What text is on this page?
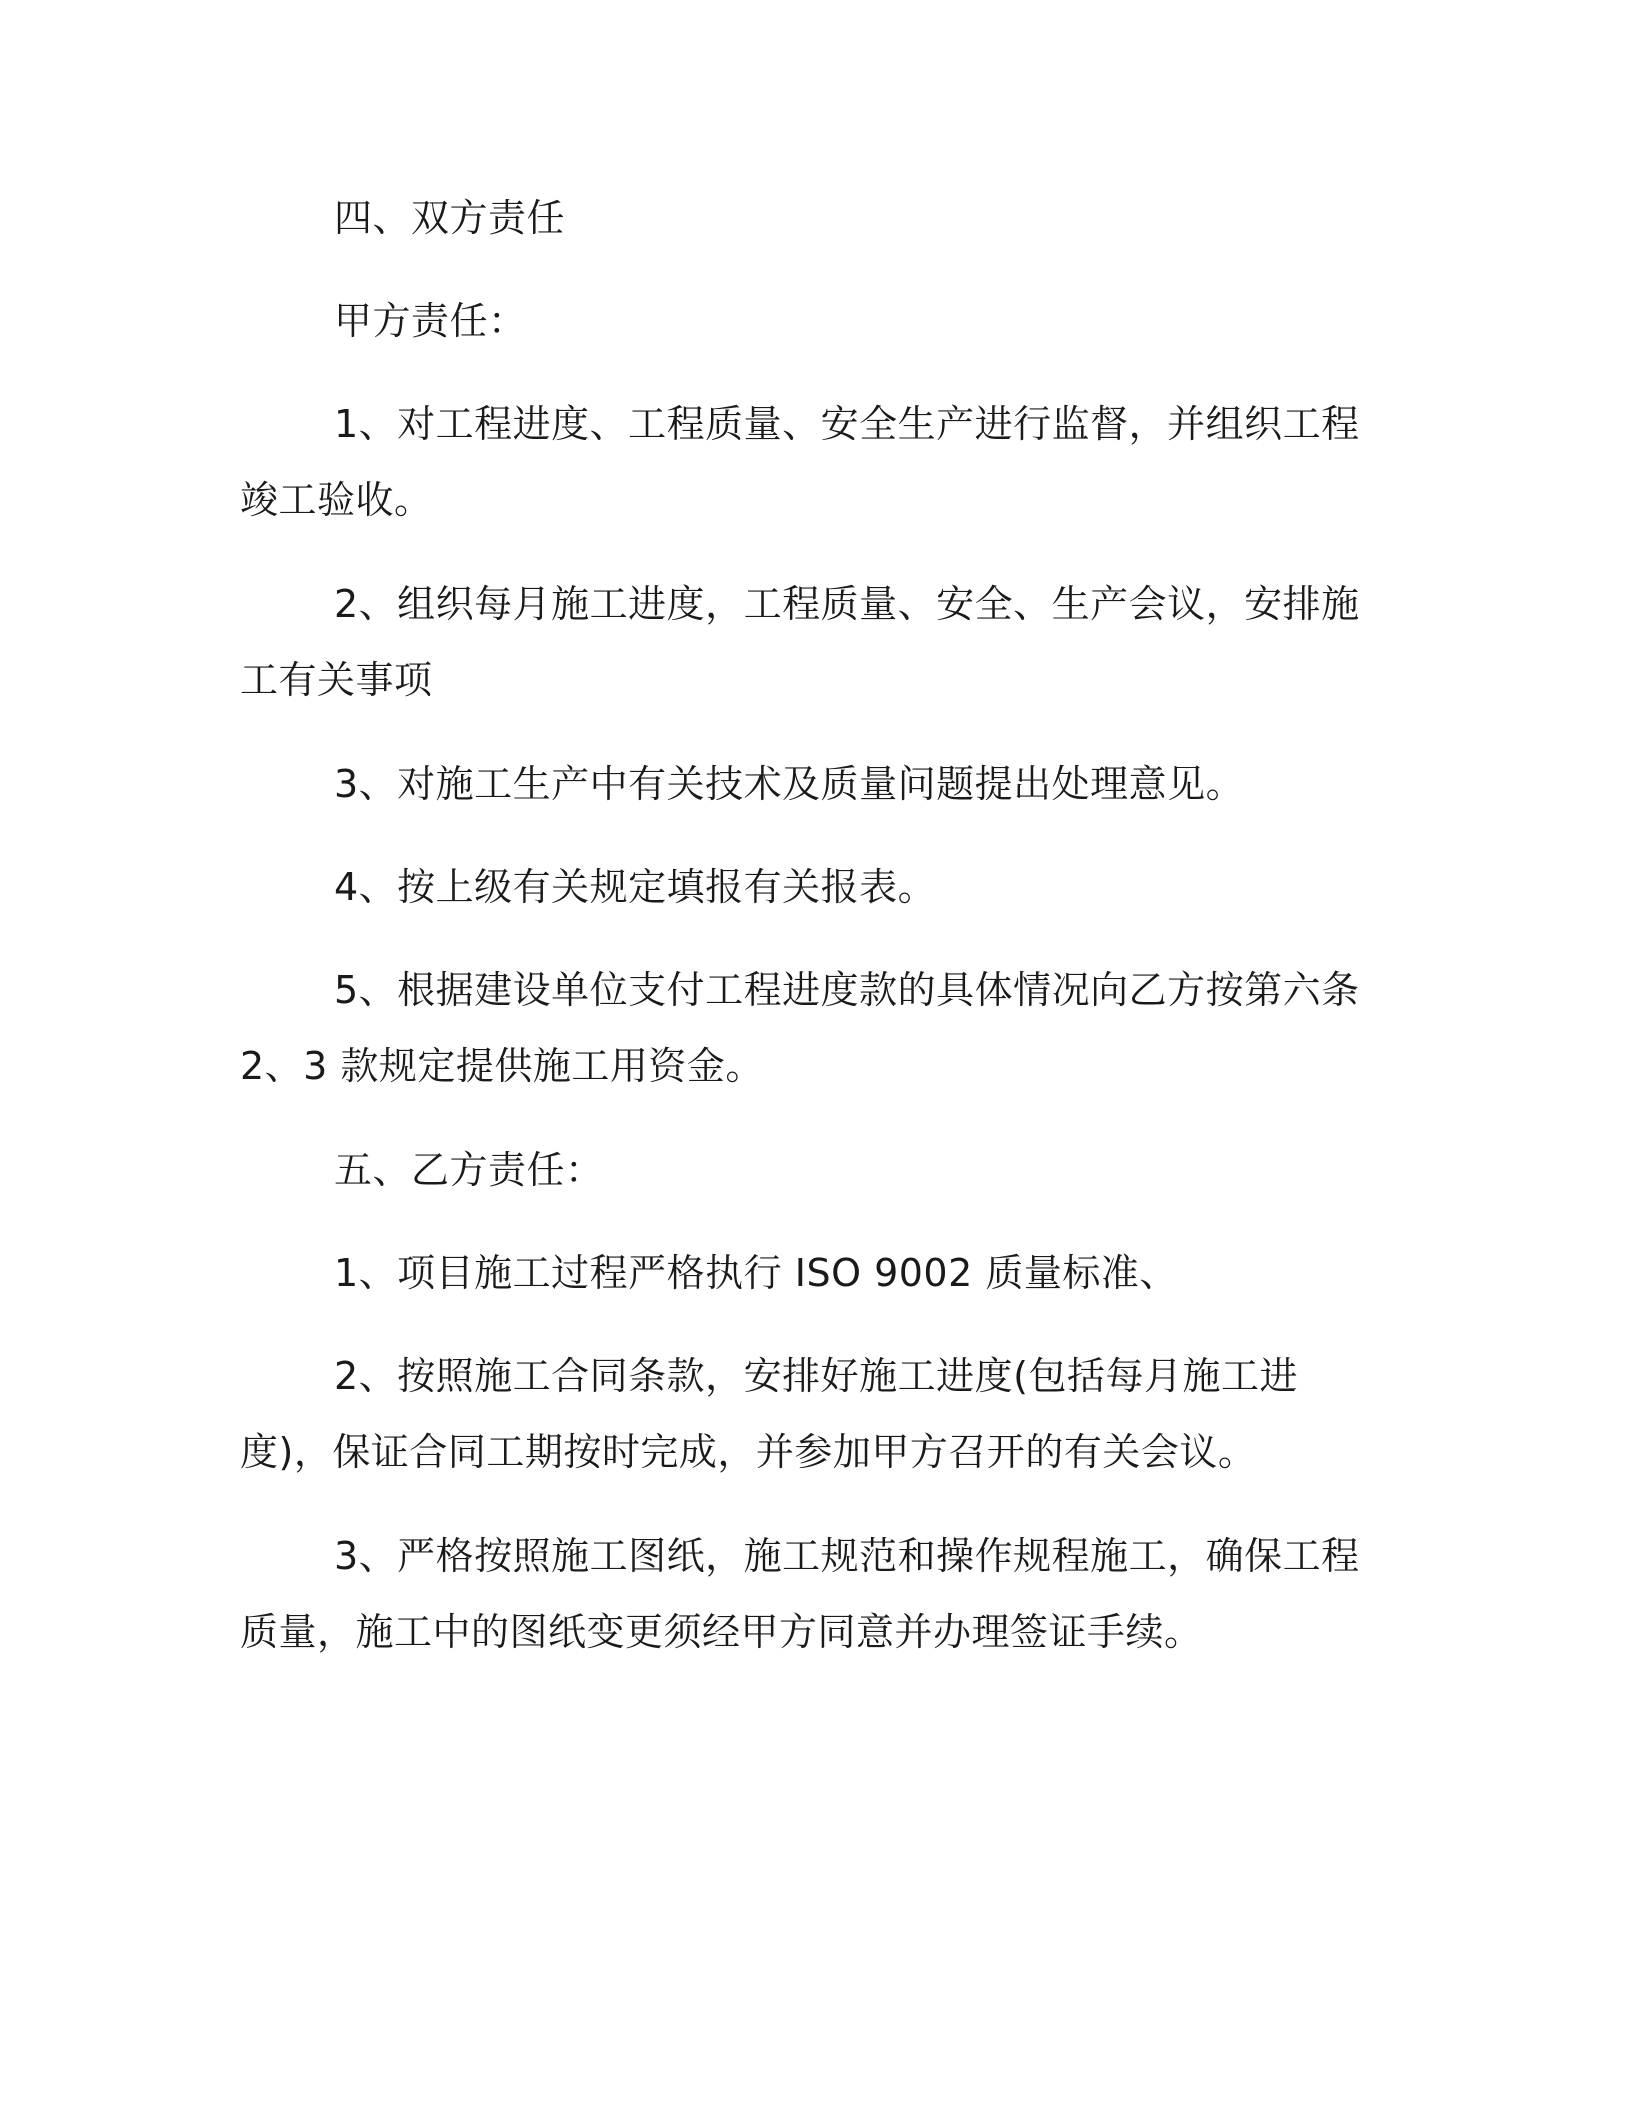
四、双方责任

甲方责任：

1、对工程进度、工程质量、安全生产进行监督，并组织工程竣工验收。

2、组织每月施工进度，工程质量、安全、生产会议，安排施工有关事项

3、对施工生产中有关技术及质量问题提出处理意见。

4、按上级有关规定填报有关报表。

5、根据建设单位支付工程进度款的具体情况向乙方按第六条 2、3 款规定提供施工用资金。

五、乙方责任：

1、项目施工过程严格执行 ISO 9002 质量标准、

2、按照施工合同条款，安排好施工进度(包括每月施工进度)，保证合同工期按时完成，并参加甲方召开的有关会议。

3、严格按照施工图纸，施工规范和操作规程施工，确保工程质量，施工中的图纸变更须经甲方同意并办理签证手续。
